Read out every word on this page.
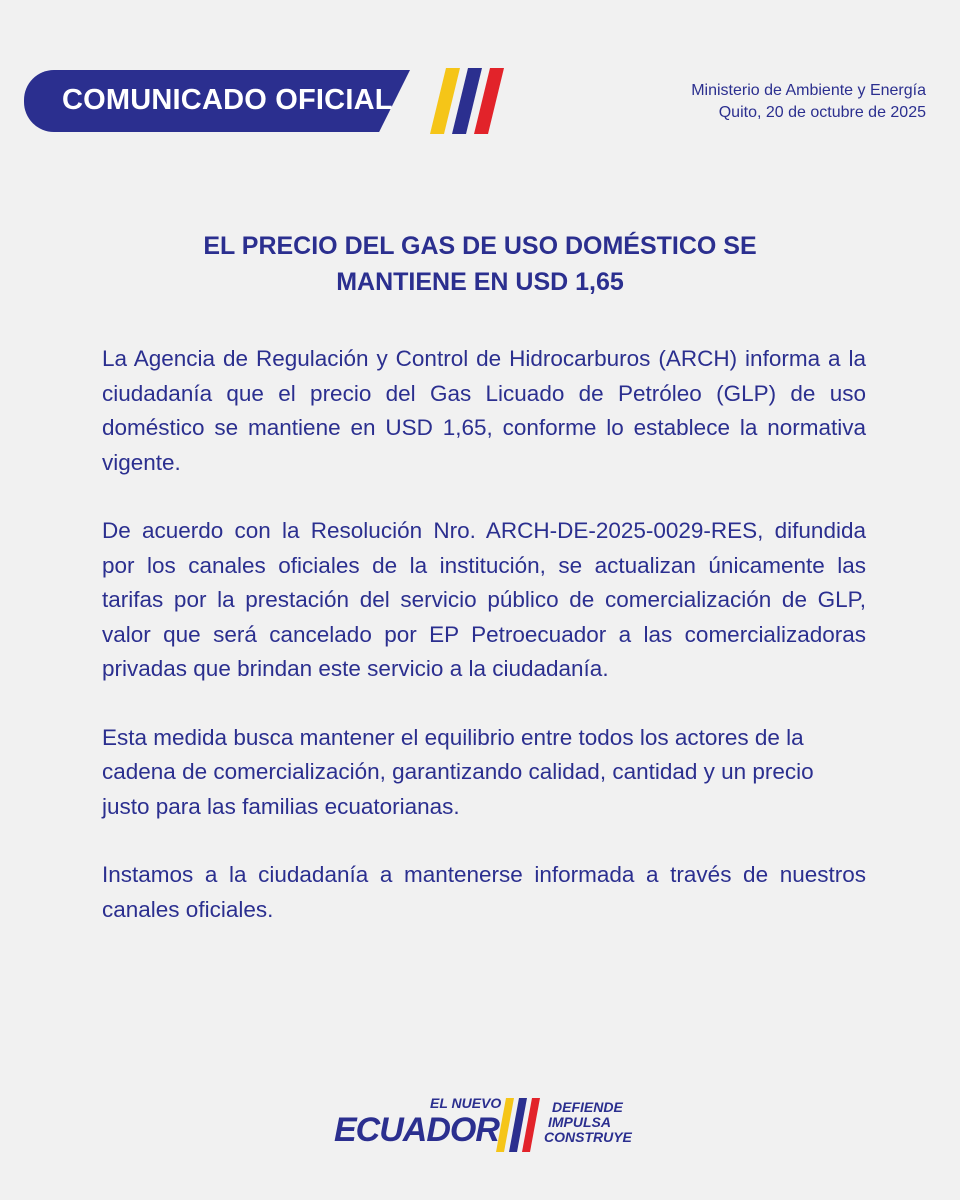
COMUNICADO OFICIAL	Ministerio de Ambiente y Energía
Quito, 20 de octubre de 2025
EL PRECIO DEL GAS DE USO DOMÉSTICO SE
MANTIENE EN USD 1,65

La Agencia de Regulación y Control de Hidrocarburos (ARCH) informa a la ciudadanía que el precio del Gas Licuado de Petróleo (GLP) de uso doméstico se mantiene en USD 1,65, conforme lo establece la normativa vigente.

De acuerdo con la Resolución Nro. ARCH-DE-2025-0029-RES, difundida por los canales oficiales de la institución, se actualizan únicamente las tarifas por la prestación del servicio público de comercialización de GLP, valor que será cancelado por EP Petroecuador a las comercializadoras privadas que brindan este servicio a la ciudadanía.

Esta medida busca mantener el equilibrio entre todos los actores de la cadena de comercialización, garantizando calidad, cantidad y un precio justo para las familias ecuatorianas.

Instamos a la ciudadanía a mantenerse informada a través de nuestros canales oficiales.

EL NUEVO
ECUADOR
DEFIENDE
IMPULSA
CONSTRUYE
